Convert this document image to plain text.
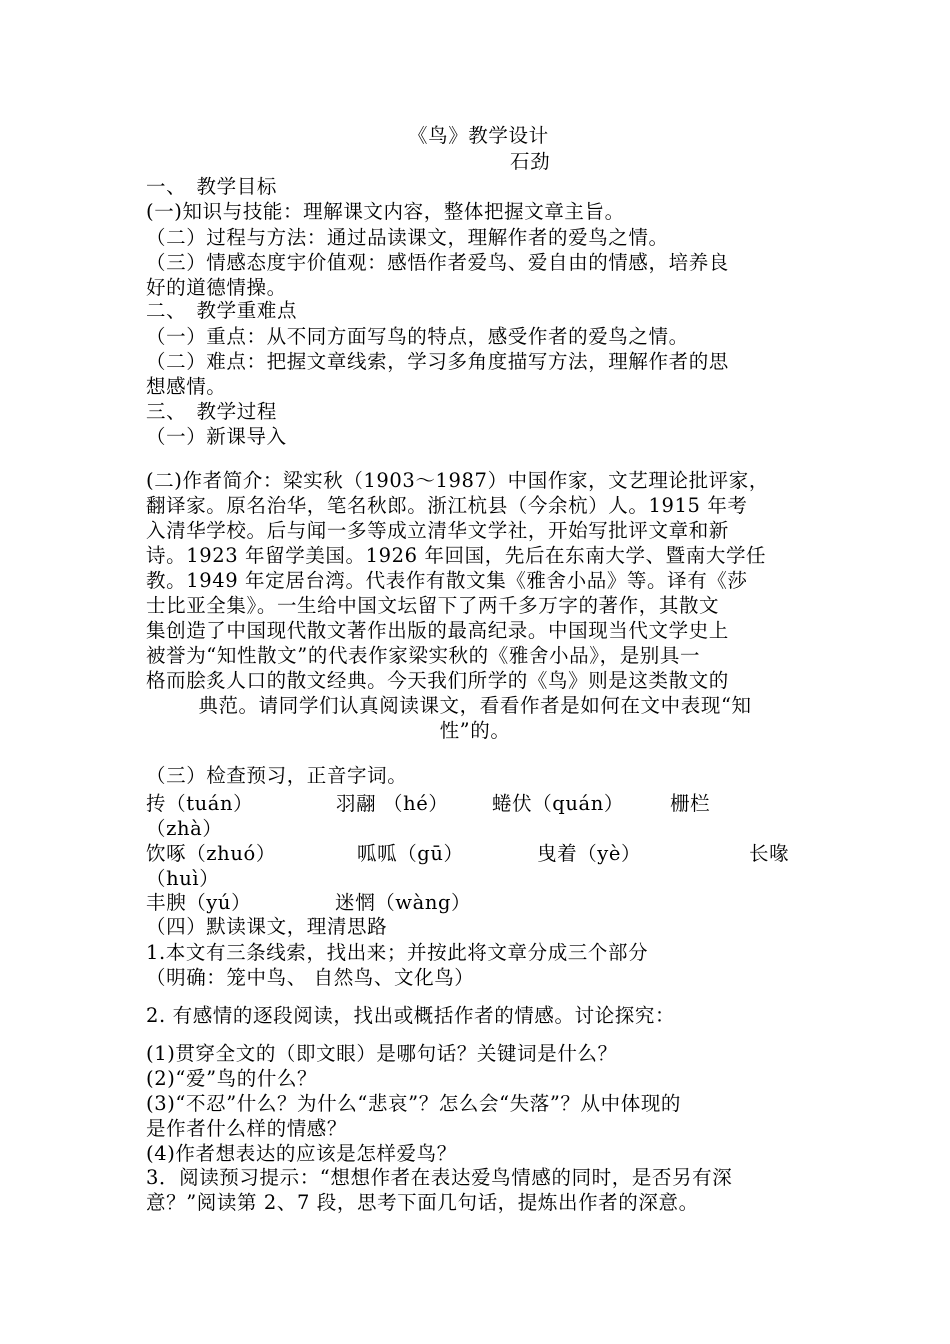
《鸟》教学设计
石劲
一、　教学目标
(一)知识与技能：理解课文内容，整体把握文章主旨。
（二）过程与方法：通过品读课文，理解作者的爱鸟之情。
（三）情感态度宇价值观：感悟作者爱鸟、爱自由的情感，培养良
好的道德情操。
二、　教学重难点
（一）重点：从不同方面写鸟的特点，感受作者的爱鸟之情。
（二）难点：把握文章线索，学习多角度描写方法，理解作者的思
想感情。
三、　教学过程
（一）新课导入
(二)作者简介：梁实秋（1903～1987）中国作家，文艺理论批评家，
翻译家。原名治华，笔名秋郎。浙江杭县（今余杭）人。1915 年考
入清华学校。后与闻一多等成立清华文学社，开始写批评文章和新
诗。1923 年留学美国。1926 年回国，先后在东南大学、暨南大学任
教。1949 年定居台湾。代表作有散文集《雅舍小品》等。译有《莎
士比亚全集》。一生给中国文坛留下了两千多万字的著作，其散文
集创造了中国现代散文著作出版的最高纪录。中国现当代文学史上
被誉为“知性散文”的代表作家梁实秋的《雅舍小品》，是别具一
格而脍炙人口的散文经典。今天我们所学的《鸟》则是这类散文的
典范。请同学们认真阅读课文，看看作者是如何在文中表现“知
性”的。
（三）检查预习，正音字词。
抟（tuán）	羽翮 （hé） 蜷伏（quán） 栅栏
（zhà）
饮啄（zhuó）	呱呱（gū）	曳着（yè）	长喙
（huì）
丰腴（yú）	迷惘（wàng）
（四）默读课文，理清思路
1.本文有三条线索，找出来；并按此将文章分成三个部分
（明确：笼中鸟、 自然鸟、文化鸟）
2. 有感情的逐段阅读，找出或概括作者的情感。讨论探究：
(1)贯穿全文的（即文眼）是哪句话？关键词是什么？
(2)“爱”鸟的什么？
(3)“不忍”什么？为什么“悲哀”？怎么会“失落”？从中体现的
是作者什么样的情感？
(4)作者想表达的应该是怎样爱鸟？
3．阅读预习提示：“想想作者在表达爱鸟情感的同时，是否另有深
意？”阅读第 2、7 段，思考下面几句话，提炼出作者的深意。
